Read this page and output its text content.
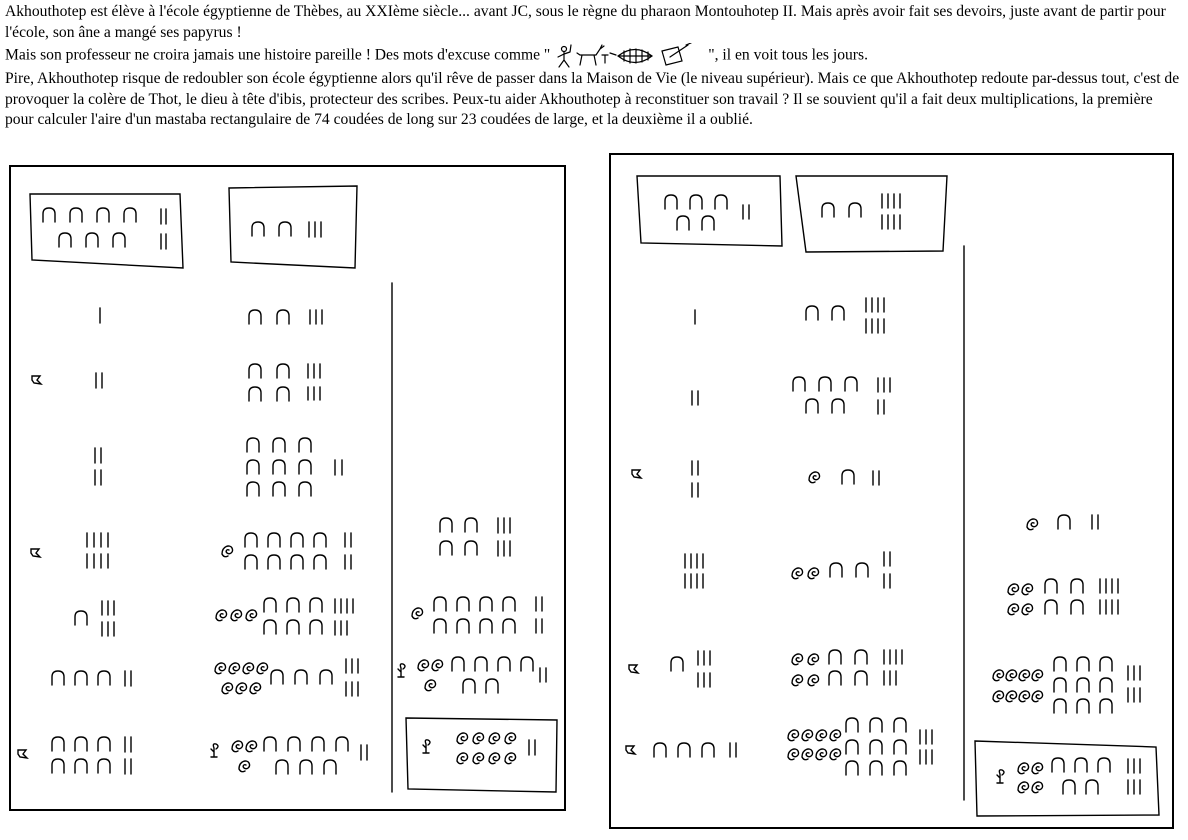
Akhouthotep est élève à l'école égyptienne de Thèbes, au XXIème siècle... avant JC, sous le règne du pharaon Montouhotep II. Mais après avoir fait ses devoirs, juste avant de partir pour l'école, son âne a mangé ses papyrus !

Mais son professeur ne croira jamais une histoire pareille ! Des mots d'excuse comme "	", il en voit tous les jours.

Pire, Akhouthotep risque de redoubler son école égyptienne alors qu'il rêve de passer dans la Maison de Vie (le niveau supérieur). Mais ce que Akhouthotep redoute par-dessus tout, c'est de provoquer la colère de Thot, le dieu à tête d'ibis, protecteur des scribes. Peux-tu aider Akhouthotep à reconstituer son travail ? Il se souvient qu'il a fait deux multiplications, la première pour calculer l'aire d'un mastaba rectangulaire de 74 coudées de long sur 23 coudées de large, et la deuxième il a oublié.
